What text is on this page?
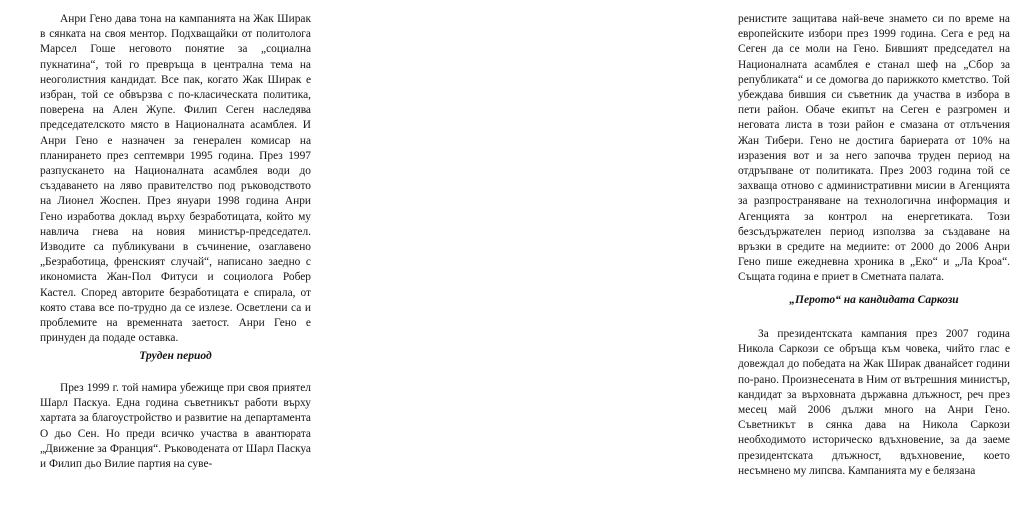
Анри Гено дава тона на кампанията на Жак Ширак в сянката на своя ментор. Подхващайки от политолога Марсел Гоше неговото понятие за „социална пукнатина“, той го превръща в централна тема на неоголистния кандидат. Все пак, когато Жак Ширак е избран, той се обвързва с по-класическата политика, поверена на Ален Жупе. Филип Сеген наследява председателското място в Националната асамблея. И Анри Гено е назначен за генерален комисар на планирането през септември 1995 година. През 1997 разпускането на Националната асамблея води до създаването на ляво правителство под ръководството на Лионел Жоспен. През януари 1998 година Анри Гено изработва доклад върху безработицата, който му навлича гнева на новия министър-председател. Изводите са публикувани в съчинение, озаглавено „Безработица, френският случай“, написано заедно с икономиста Жан-Пол Фитуси и социолога Робер Кастел. Според авторите безработицата е спирала, от която става все по-трудно да се излезе. Осветлени са и проблемите на временната заетост. Анри Гено е принуден да подаде оставка.

Труден период

През 1999 г. той намира убежище при своя приятел Шарл Паскуа. Една година съветникът работи върху хартата за благоустройство и развитие на департамента О дьо Сен. Но преди всичко участва в авантюрата „Движение за Франция“. Ръководената от Шарл Паскуа и Филип дьо Вилие партия на суве-

ренистите защитава най-вече знамето си по време на европейските избори през 1999 година. Сега е ред на Сеген да се моли на Гено. Бившият председател на Националната асамблея е станал шеф на „Сбор за републиката“ и се домогва до парижкото кметство. Той убеждава бившия си съветник да участва в изборa в пети район. Обаче екипът на Сеген е разгромен и неговата листа в този район е смазана от отлъчения Жан Тибери. Гено не достига бариерата от 10% на изразения вот и за него започва труден период на отдръпване от политиката. През 2003 година той се захваща отново с административни мисии в Агенцията за разпространяване на технологична информация и Агенцията за контрол на енергетиката. Този безсъдържателен период използва за създаване на връзки в средите на медиите: от 2000 до 2006 Анри Гено пише ежедневна хроника в „Еко“ и „Ла Кроа“. Същата година е приет в Сметната палата.

„Перото“ на кандидата Саркози

За президентската кампания през 2007 година Никола Саркози се обръща към човека, чийто глас е довеждал до победата на Жак Ширак дванайсет години по-рано. Произнесената в Ним от вътрешния министър, кандидат за върховната държавна длъжност, реч през месец май 2006 дължи много на Анри Гено. Съветникът в сянка дава на Никола Саркози необходимото историческо вдъхновение, за да заеме президентската длъжност, вдъхновение, което несъмнено му липсва. Кампанията му е белязана
